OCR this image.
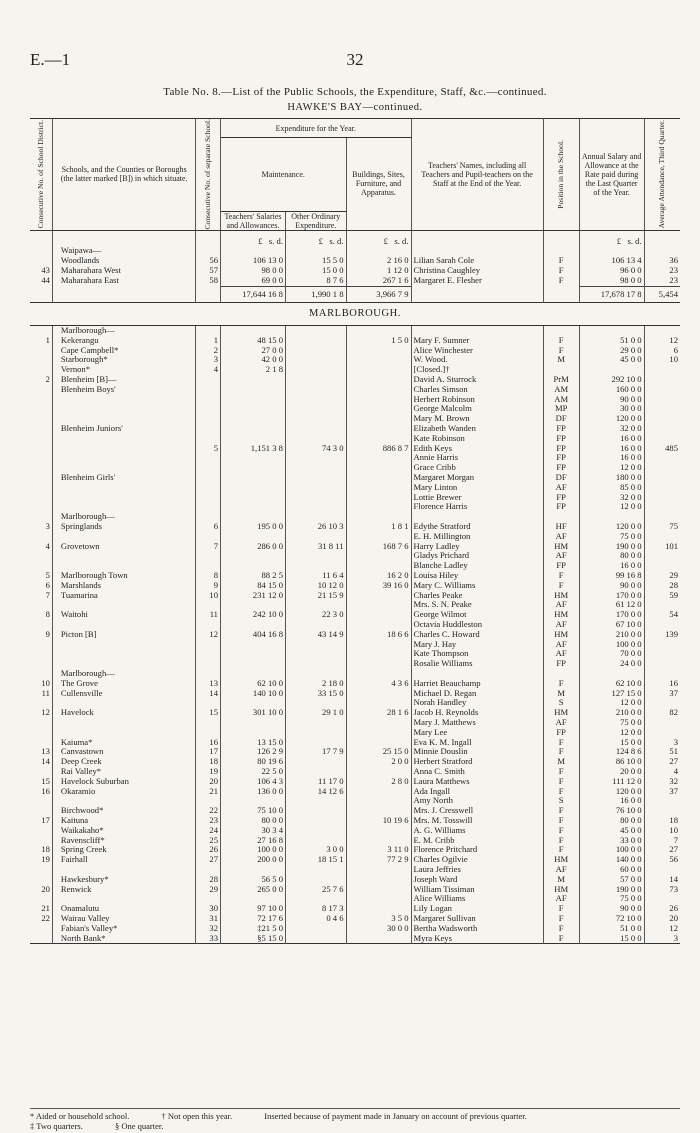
E.—1	32
Table No. 8.—List of the Public Schools, the Expenditure, Staff, &c.—continued.
HAWKE'S BAY—continued.
Consecutive No. of School District.	Schools, and the Counties or Boroughs (the latter marked [B]) in which situate.	Consecutive No. of separate School.	Expenditure for the Year.			Teachers' Names, including all Teachers and Pupil-teachers on the Staff at the End of the Year.	Position in the School.	Annual Salary and Allowance at the Rate paid during the Last Quarter of the Year.	Average Attendance, Third Quarter.

			Maintenance.		Buildings, Sites, Furniture, and Apparatus.				
			Teachers' Salaries and Allowances.	Other Ordinary Expenditure.					

			£ s. d.	£ s. d.	£ s. d.			£ s. d.	
	Waipawa—								
	Woodlands	56	106 13 0	15 5 0	2 16 0	Lilian Sarah Cole	F	106 13 4	36
43	Maharahara West	57	98 0 0	15 0 0	1 12 0	Christina Caughley	F	96 0 0	23
44	Maharahara East	58	69 0 0	8 7 6	267 1 6	Margaret E. Flesher	F	98 0 0	23
			17,644 16 8	1,990 1 8	3,966 7 9			17,678 17 8	5,454
MARLBOROUGH.									
	Marlborough—								
1	Kekerangu	1	48 15 0		1 5 0	Mary F. Sumner	F	51 0 0	12
	Cape Campbell*	2	27 0 0			Alice Winchester	F	29 0 0	6
	Starborough*	3	42 0 0			W. Wood.	M	45 0 0	10
	Vernon*	4	2 1 8			[Closed.]†			
2	Blenheim [B]—					David A. Sturrock	PrM	292 10 0	
	Blenheim Boys'					Charles Simson	AM	160 0 0	
						Herbert Robinson	AM	90 0 0	
						George Malcolm	MP	30 0 0	
						Mary M. Brown	DF	120 0 0	
	Blenheim Juniors'					Elizabeth Wanden	FP	32 0 0	
						Kate Robinson	FP	16 0 0	
		5	1,151 3 8	74 3 0	886 8 7	Edith Keys	FP	16 0 0	485
						Annie Harris	FP	16 0 0	
						Grace Cribb	FP	12 0 0	
	Blenheim Girls'					Margaret Morgan	DF	180 0 0	
						Mary Linton	AF	85 0 0	
						Lottie Brewer	FP	32 0 0	
						Florence Harris	FP	12 0 0	

	Marlborough—								
3	Springlands	6	195 0 0	26 10 3	1 8 1	Edythe Stratford	HF	120 0 0	75
						E. H. Millington	AF	75 0 0	
4	Grovetown	7	286 0 0	31 8 11	168 7 6	Harry Ladley	HM	190 0 0	101
						Gladys Prichard	AF	80 0 0	
						Blanche Ladley	FP	16 0 0	
5	Marlborough Town	8	88 2 5	11 6 4	16 2 0	Louisa Hiley	F	99 16 8	29
6	Marshlands	9	84 15 0	10 12 0	39 16 0	Mary C. Williams	F	90 0 0	28
7	Tuamarina	10	231 12 0	21 15 9		Charles Peake	HM	170 0 0	59
						Mrs. S. N. Peake	AF	61 12 0	
8	Waitohi	11	242 10 0	22 3 0		George Wilmot	HM	170 0 0	54
						Octavia Huddleston	AF	67 10 0	
9	Picton [B]	12	404 16 8	43 14 9	18 6 6	Charles C. Howard	HM	210 0 0	139
						Mary J. Hay	AF	100 0 0	
						Kate Thompson	AF	70 0 0	
						Rosalie Williams	FP	24 0 0	

	Marlborough—								
10	The Grove	13	62 10 0	2 18 0	4 3 6	Harriet Beauchamp	F	62 10 0	16
11	Cullensville	14	140 10 0	33 15 0		Michael D. Regan	M	127 15 0	37
						Norah Handley	S	12 0 0	
12	Havelock	15	301 10 0	29 1 0	28 1 6	Jacob H. Reynolds	HM	210 0 0	82
						Mary J. Matthews	AF	75 0 0	
						Mary Lee	FP	12 0 0	
	Kaiuma*	16	13 15 0			Eva K. M. Ingall	F	15 0 0	3
13	Canvastown	17	126 2 9	17 7 9	25 15 0	Minnie Douslin	F	124 8 6	51
14	Deep Creek	18	80 19 6		2 0 0	Herbert Stratford	M	86 10 0	27
	Rai Valley*	19	22 5 0			Anna C. Smith	F	20 0 0	4
15	Havelock Suburban	20	106 4 3	11 17 0	2 8 0	Laura Matthews	F	111 12 0	32
16	Okaramio	21	136 0 0	14 12 6		Ada Ingall	F	120 0 0	37
						Amy North	S	16 0 0	
	Birchwood*	22	75 10 0			Mrs. J. Cresswell	F	76 10 0	
17	Kaituna	23	80 0 0		10 19 6	Mrs. M. Tosswill	F	80 0 0	18
	Waikakaho*	24	30 3 4			A. G. Williams	F	45 0 0	10
	Ravenscliff*	25	27 16 8			E. M. Cribb	F	33 0 0	7
18	Spring Creek	26	100 0 0	3 0 0	3 11 0	Florence Pritchard	F	100 0 0	27
19	Fairhall	27	200 0 0	18 15 1	77 2 9	Charles Ogilvie	HM	140 0 0	56
						Laura Jeffries	AF	60 0 0	
	Hawkesbury*	28	56 5 0			Joseph Ward	M	57 0 0	14
20	Renwick	29	265 0 0	25 7 6		William Tissiman	HM	190 0 0	73
						Alice Williams	AF	75 0 0	
21	Onamalutu	30	97 10 0	8 17 3		Lily Logan	F	90 0 0	26
22	Wairau Valley	31	72 17 6	0 4 6	3 5 0	Margaret Sullivan	F	72 10 0	20
	Fabian's Valley*	32	‡21 5 0		30 0 0	Bertha Wadsworth	F	51 0 0	12
	North Bank*	33	§5 15 0			Myra Keys	F	15 0 0	3
* Aided or household school.	† Not open this year.	Inserted because of payment made in January on account of previous quarter.
‡ Two quarters.	§ One quarter.
